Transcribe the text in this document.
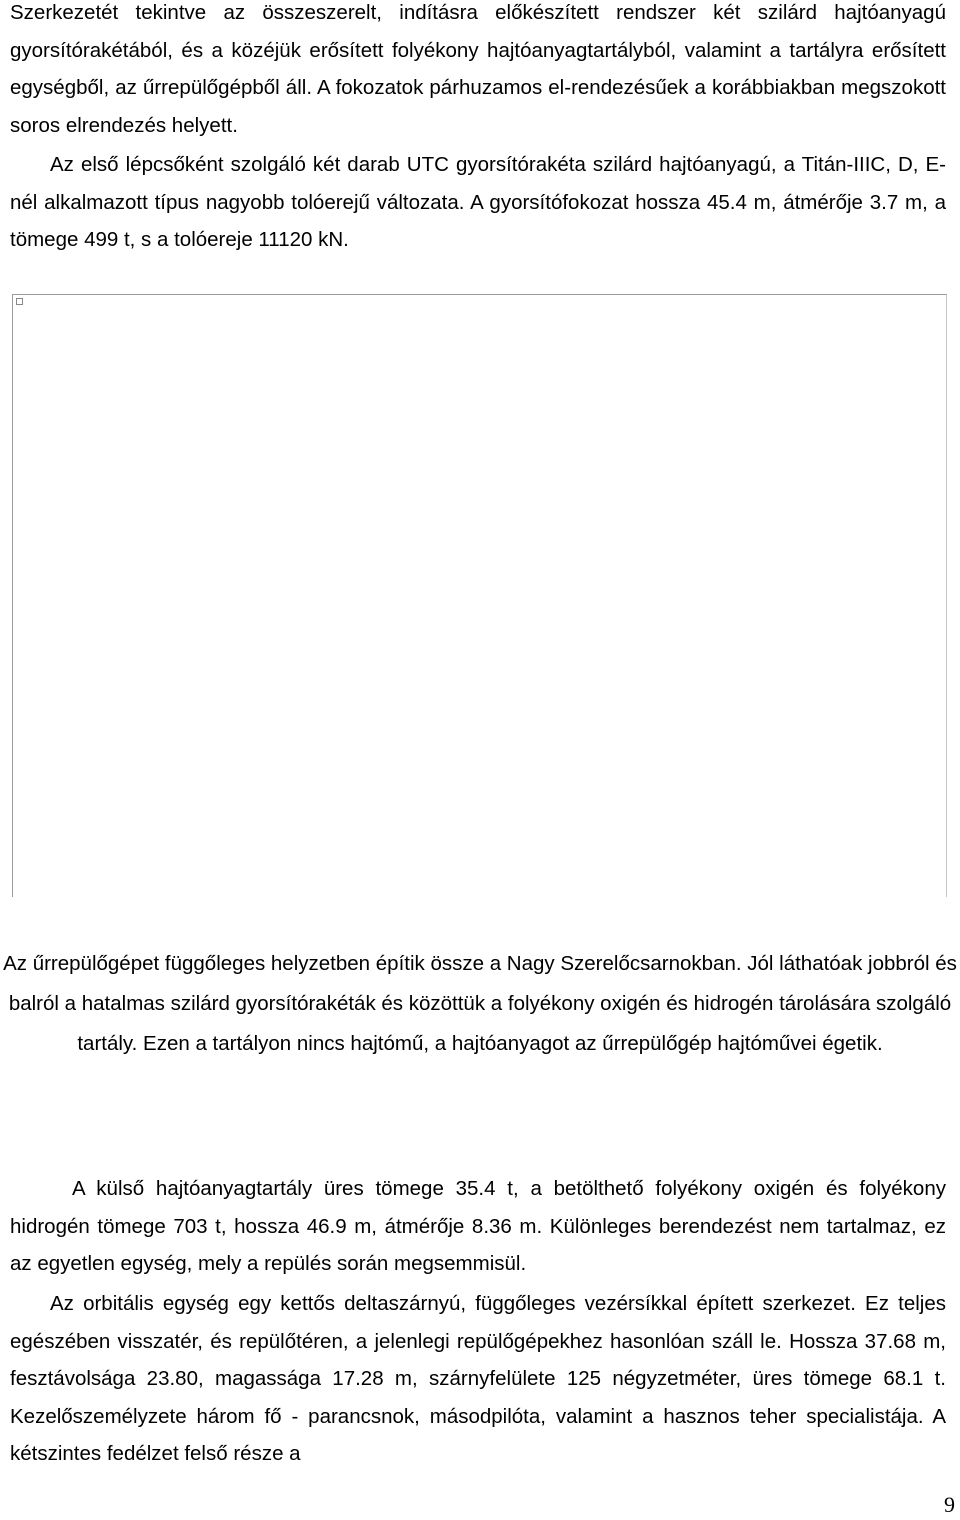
Szerkezetét tekintve az összeszerelt, indításra előkészített rendszer két szilárd hajtóanyagú gyorsítórakétából, és a közéjük erősített folyékony hajtóanyagtartályból, valamint a tartályra erősített egységből, az űrrepülőgépből áll. A fokozatok párhuzamos el-rendezésűek a korábbiakban megszokott soros elrendezés helyett.

Az első lépcsőként szolgáló két darab UTC gyorsítórakéta szilárd hajtóanyagú, a Titán-IIIC, D, E-nél alkalmazott típus nagyobb tolóerejű változata. A gyorsítófokozat hossza 45.4 m, átmérője 3.7 m, a tömege 499 t, s a tolóereje 11120 kN.

Az űrrepülőgépet függőleges helyzetben építik össze a Nagy Szerelőcsarnokban. Jól láthatóak jobbról és balról a hatalmas szilárd gyorsítórakéták és közöttük a folyékony oxigén és hidrogén tárolására szolgáló tartály. Ezen a tartályon nincs hajtómű, a hajtóanyagot az űrrepülőgép hajtóművei égetik.

A külső hajtóanyagtartály üres tömege 35.4 t, a betölthető folyékony oxigén és folyékony hidrogén tömege 703 t, hossza 46.9 m, átmérője 8.36 m. Különleges berendezést nem tartalmaz, ez az egyetlen egység, mely a repülés során megsemmisül.

Az orbitális egység egy kettős deltaszárnyú, függőleges vezérsíkkal épített szerkezet. Ez teljes egészében visszatér, és repülőtéren, a jelenlegi repülőgépekhez hasonlóan száll le. Hossza 37.68 m, fesztávolsága 23.80, magassága 17.28 m, szárnyfelülete 125 négyzetméter, üres tömege 68.1 t. Kezelőszemélyzete három fő - parancsnok, másodpilóta, valamint a hasznos teher specialistája. A kétszintes fedélzet felső része a

9
